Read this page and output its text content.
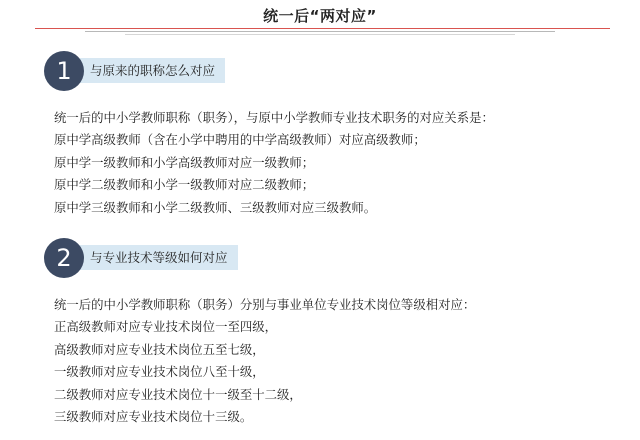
统一后“两对应”
1	与原来的职称怎么对应
统一后的中小学教师职称（职务），与原中小学教师专业技术职务的对应关系是：
原中学高级教师（含在小学中聘用的中学高级教师）对应高级教师；
原中学一级教师和小学高级教师对应一级教师；
原中学二级教师和小学一级教师对应二级教师；
原中学三级教师和小学二级教师、三级教师对应三级教师。
2	与专业技术等级如何对应
统一后的中小学教师职称（职务）分别与事业单位专业技术岗位等级相对应：
正高级教师对应专业技术岗位一至四级，
高级教师对应专业技术岗位五至七级，
一级教师对应专业技术岗位八至十级，
二级教师对应专业技术岗位十一级至十二级，
三级教师对应专业技术岗位十三级。
